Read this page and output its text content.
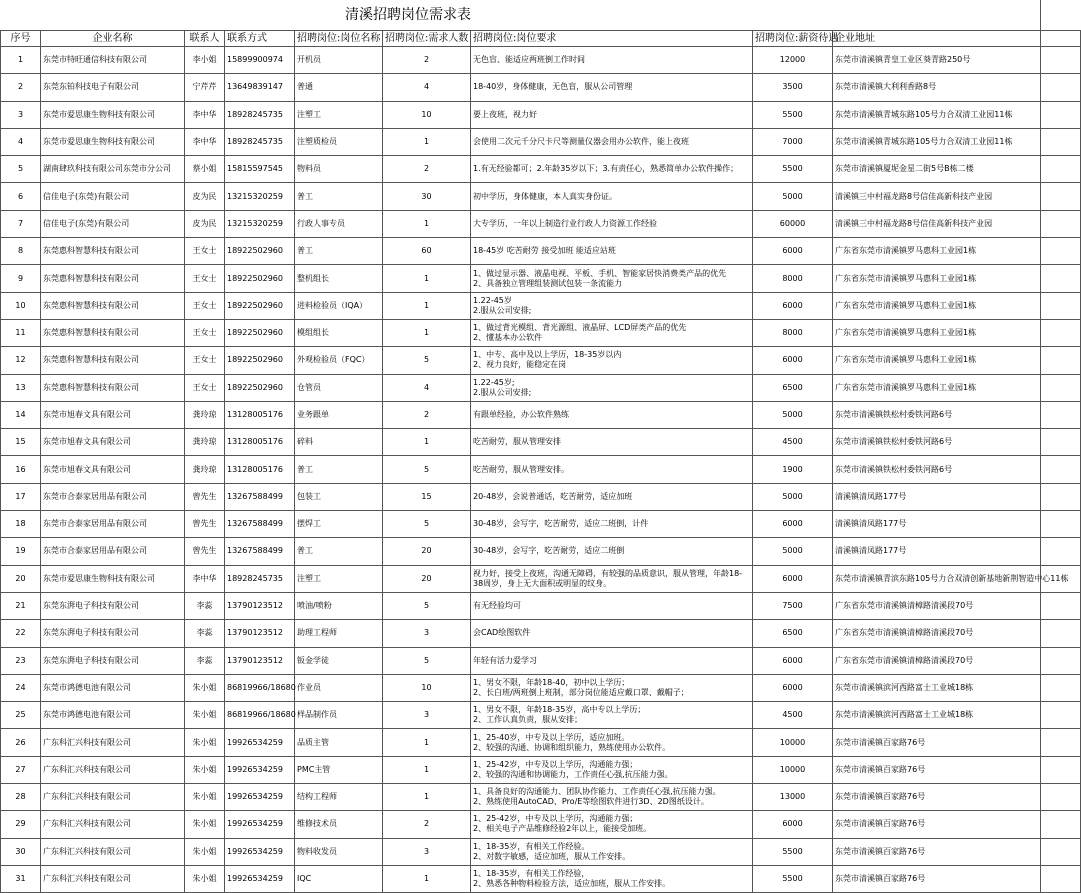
清溪招聘岗位需求表
序号	企业名称	联系人	联系方式	招聘岗位:岗位名称	招聘岗位:需求人数	招聘岗位:岗位要求	招聘岗位:薪资待遇	企业地址	

1	东莞市特旺通信科技有限公司	李小姐	15899900974	开机员	2	无色盲、能适应两班倒工作时间	12000	东莞市清溪镇青皇工业区葵青路250号	

2	东莞东铂科技电子有限公司	宁芹芹	13649839147	普通	4	18-40岁，身体健康，无色盲，服从公司管理	3500	东莞市清溪镇大利利香路8号	

3	东莞市爱思康生物科技有限公司	李中华	18928245735	注塑工	10	要上夜班，视力好	5500	东莞市清溪镇青城东路105号力合双清工业园11栋	

4	东莞市爱思康生物科技有限公司	李中华	18928245735	注塑质检员	1	会使用二次元千分尺卡尺等测量仪器会用办公软件，能上夜班	7000	东莞市清溪镇青城东路105号力合双清工业园11栋	

5	湖南肆玖科技有限公司东莞市分公司	蔡小姐	15815597545	物料员	2	1.有无经验都可；2.年龄35岁以下；3.有责任心，熟悉简单办公软件操作；	5500	东莞市清溪镇厦坭金星二街5号B栋二楼	

6	信佳电子(东莞)有限公司	皮为民	13215320259	普工	30	初中学历，身体健康，本人真实身份证。	5000	清溪镇三中村福龙路8号信佳高新科技产业园	

7	信佳电子(东莞)有限公司	皮为民	13215320259	行政人事专员	1	大专学历，一年以上制造行业行政人力资源工作经验	60000	清溪镇三中村福龙路8号信佳高新科技产业园	

8	东莞惠科智慧科技有限公司	王女士	18922502960	普工	60	18-45岁 吃苦耐劳 接受加班 能适应站班	6000	广东省东莞市清溪镇罗马惠科工业园1栋	

9	东莞惠科智慧科技有限公司	王女士	18922502960	整机组长	1	1、做过显示器、液晶电视、平板、手机、智能家居快消费类产品的优先
2、具备独立管理组装测试包装一条流能力	8000	广东省东莞市清溪镇罗马惠科工业园1栋	

10	东莞惠科智慧科技有限公司	王女士	18922502960	进料检验员（IQA）	1	1.22-45岁
2.服从公司安排;	6000	广东省东莞市清溪镇罗马惠科工业园1栋	

11	东莞惠科智慧科技有限公司	王女士	18922502960	模组组长	1	1、做过背光模组、背光源组、液晶屏、LCD屏类产品的优先
2、懂基本办公软件	8000	广东省东莞市清溪镇罗马惠科工业园1栋	

12	东莞惠科智慧科技有限公司	王女士	18922502960	外观检验员（FQC）	5	1、中专、高中及以上学历，18-35岁以内
2、视力良好，能稳定在岗	6000	广东省东莞市清溪镇罗马惠科工业园1栋	

13	东莞惠科智慧科技有限公司	王女士	18922502960	仓管员	4	1.22-45岁;
2.服从公司安排;	6500	广东省东莞市清溪镇罗马惠科工业园1栋	

14	东莞市旭春文具有限公司	龚玲琼	13128005176	业务跟单	2	有跟单经验，办公软件熟练	5000	东莞市清溪镇铁松村委铁河路6号	

15	东莞市旭春文具有限公司	龚玲琼	13128005176	碎料	1	吃苦耐劳，服从管理安排	4500	东莞市清溪镇铁松村委铁河路6号	

16	东莞市旭春文具有限公司	龚玲琼	13128005176	普工	5	吃苦耐劳，服从管理安排。	1900	东莞市清溪镇铁松村委铁河路6号	

17	东莞市合泰家居用品有限公司	曾先生	13267588499	包装工	15	20-48岁，会说普通话，吃苦耐劳，适应加班	5000	清溪镇清凤路177号	

18	东莞市合泰家居用品有限公司	曾先生	13267588499	摆焊工	5	30-48岁，会写字，吃苦耐劳，适应二班倒，计件	6000	清溪镇清凤路177号	

19	东莞市合泰家居用品有限公司	曾先生	13267588499	普工	20	30-48岁，会写字，吃苦耐劳，适应二班倒	5000	清溪镇清凤路177号	

20	东莞市爱思康生物科技有限公司	李中华	18928245735	注塑工	20	视力好，接受上夜班，沟通无障碍，有较强的品质意识，服从管理，年龄18-38周岁，身上无大面积或明显的纹身。	6000	东莞市清溪镇青滨东路105号力合双清创新基地新荆智造中心11栋	

21	东莞东湃电子科技有限公司	李蕊	13790123512	喷油/喷粉	5	有无经验均可	7500	广东省东莞市清溪镇清樟路清溪段70号	

22	东莞东湃电子科技有限公司	李蕊	13790123512	助理工程师	3	会CAD绘图软件	6500	广东省东莞市清溪镇清樟路清溪段70号	

23	东莞东湃电子科技有限公司	李蕊	13790123512	钣金学徒	5	年轻有活力爱学习	6000	广东省东莞市清溪镇清樟路清溪段70号	

24	东莞市鸿德电池有限公司	朱小姐	86819966/18680	作业员	10	1、男女不限，年龄18-40，初中以上学历；
2、长白班/两班倒上班制，部分岗位能适应戴口罩、戴帽子；	6000	东莞市清溪镇滨河西路富士工业城18栋	

25	东莞市鸿德电池有限公司	朱小姐	86819966/18680	样品制作员	3	1、男女不限，年龄18-35岁，高中专以上学历；
2、工作认真负责，服从安排；	4500	东莞市清溪镇滨河西路富士工业城18栋	

26	广东科汇兴科技有限公司	朱小姐	19926534259	品质主管	1	1、25-40岁，中专及以上学历，适应加班。
2、较强的沟通、协调和组织能力，熟练使用办公软件。	10000	东莞市清溪镇百家路76号	

27	广东科汇兴科技有限公司	朱小姐	19926534259	PMC主管	1	1、25-42岁，中专及以上学历，沟通能力强；
2、较强的沟通和协调能力，工作责任心强,抗压能力强。	10000	东莞市清溪镇百家路76号	

28	广东科汇兴科技有限公司	朱小姐	19926534259	结构工程师	1	1、具备良好的沟通能力、团队协作能力、工作责任心强,抗压能力强。
2、熟练使用AutoCAD、Pro/E等绘图软件进行3D、2D图纸设计。	13000	东莞市清溪镇百家路76号	

29	广东科汇兴科技有限公司	朱小姐	19926534259	维修技术员	2	1、25-42岁，中专及以上学历，沟通能力强；
2、相关电子产品维修经验2年以上，能接受加班。	6000	东莞市清溪镇百家路76号	

30	广东科汇兴科技有限公司	朱小姐	19926534259	物料收发员	3	1、18-35岁，有相关工作经验。
2、对数字敏感，适应加班，服从工作安排。	5500	东莞市清溪镇百家路76号	

31	广东科汇兴科技有限公司	朱小姐	19926534259	IQC	1	1、18-35岁，有相关工作经验，
2、熟悉各种物料检验方法，适应加班，服从工作安排。	5500	东莞市清溪镇百家路76号	
